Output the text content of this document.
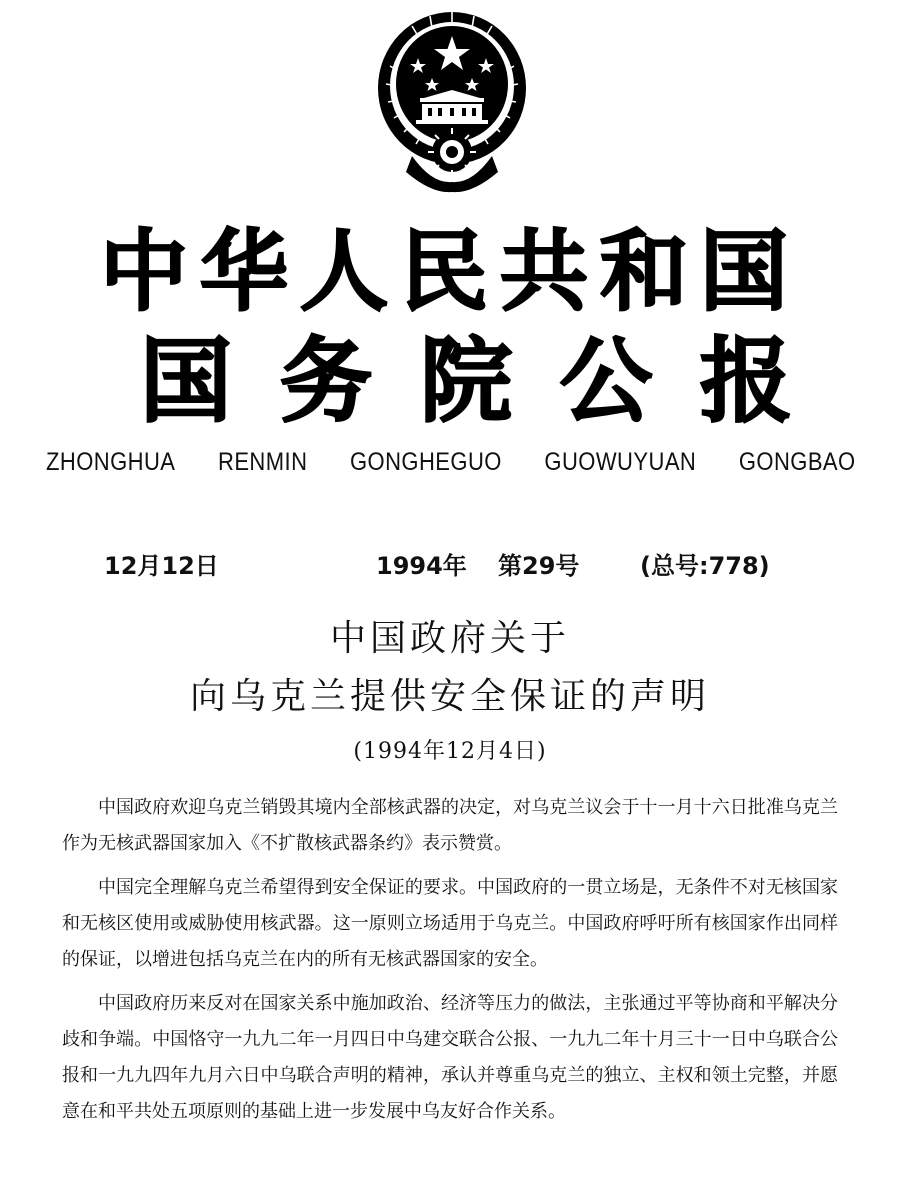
中华人民共和国
国务院公报
ZHONGHUA RENMIN GONGHEGUO GUOWUYUAN GONGBAO
12月12日	1994年 第29号	(总号:778)
中国政府关于
向乌克兰提供安全保证的声明
(1994年12月4日)

中国政府欢迎乌克兰销毁其境内全部核武器的决定，对乌克兰议会于十一月十六日批准乌克兰作为无核武器国家加入《不扩散核武器条约》表示赞赏。

中国完全理解乌克兰希望得到安全保证的要求。中国政府的一贯立场是，无条件不对无核国家和无核区使用或威胁使用核武器。这一原则立场适用于乌克兰。中国政府呼吁所有核国家作出同样的保证，以增进包括乌克兰在内的所有无核武器国家的安全。

中国政府历来反对在国家关系中施加政治、经济等压力的做法，主张通过平等协商和平解决分歧和争端。中国恪守一九九二年一月四日中乌建交联合公报、一九九二年十月三十一日中乌联合公报和一九九四年九月六日中乌联合声明的精神，承认并尊重乌克兰的独立、主权和领土完整，并愿意在和平共处五项原则的基础上进一步发展中乌友好合作关系。
